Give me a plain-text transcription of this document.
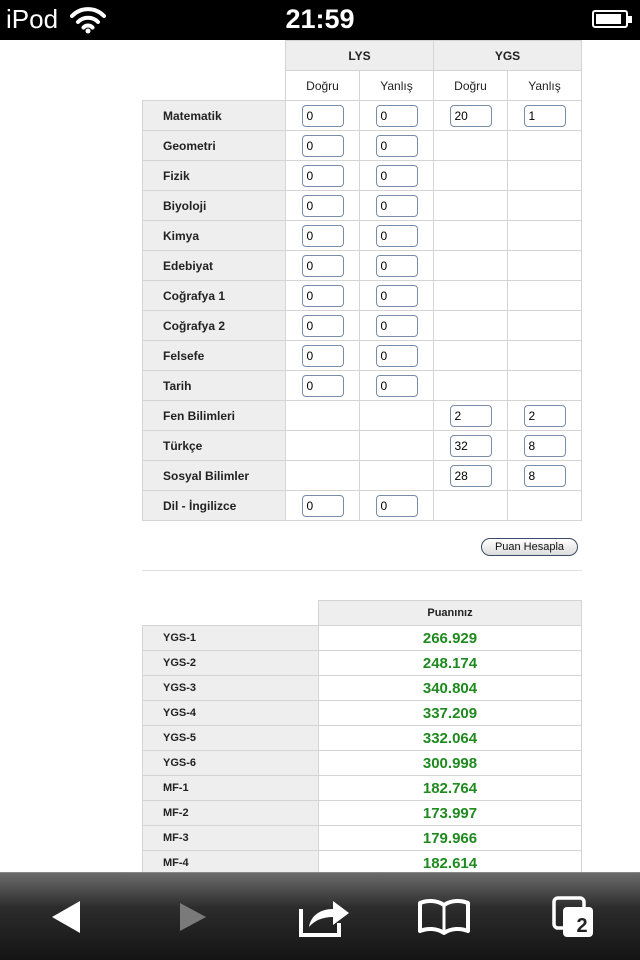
iPod	21:59
	LYS		YGS	
	Doğru	Yanlış	Doğru	Yanlış
Matematik	0	0	20	1
Geometri	0	0		
Fizik	0	0		
Biyoloji	0	0		
Kimya	0	0		
Edebiyat	0	0		
Coğrafya 1	0	0		
Coğrafya 2	0	0		
Felsefe	0	0		
Tarih	0	0		
Fen Bilimleri			2	2
Türkçe			32	8
Sosyal Bilimler			28	8
Dil - İngilizce	0	0		
Puan Hesapla
	Puanınız
YGS-1	266.929
YGS-2	248.174
YGS-3	340.804
YGS-4	337.209
YGS-5	332.064
YGS-6	300.998
MF-1	182.764
MF-2	173.997
MF-3	179.966
MF-4	182.614
2
